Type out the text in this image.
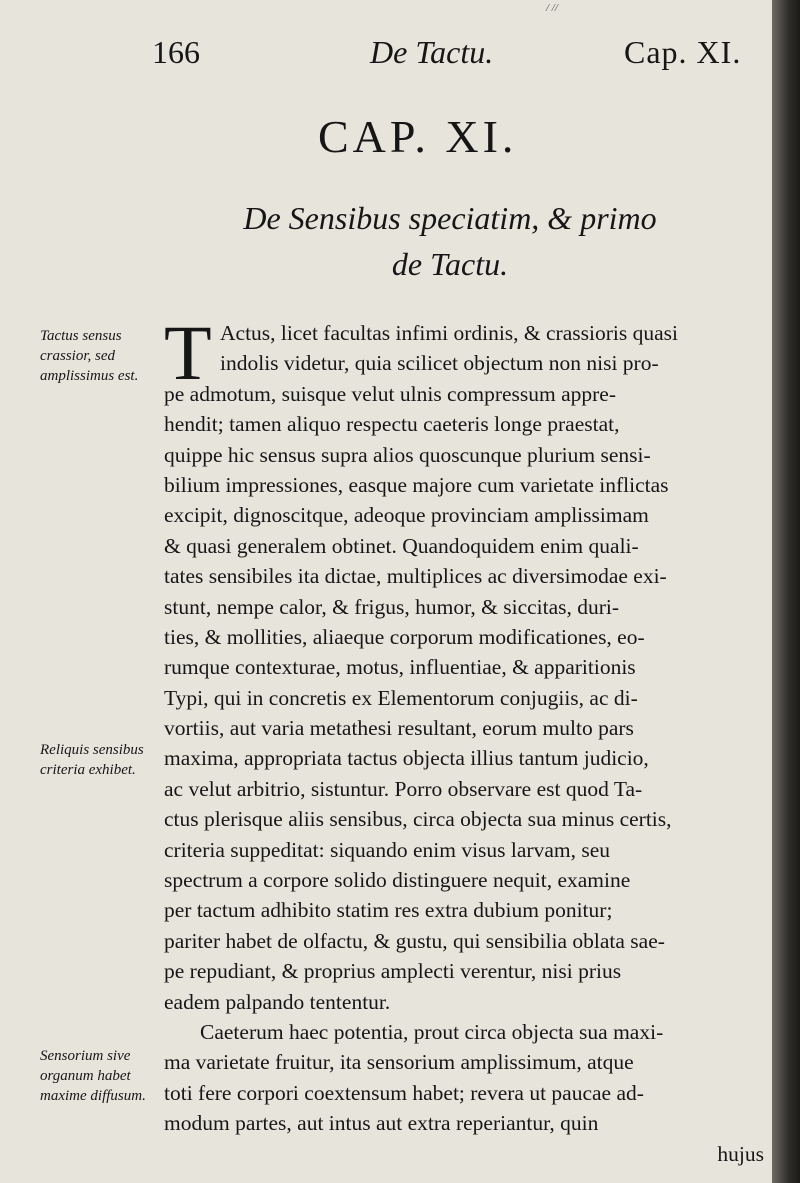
/ //
166	De Tactu.	Cap. XI.
CAP. XI.
De Sensibus speciatim, & primo
de Tactu.
Tactus sensus crassior, sed amplissimus est.
Reliquis sensibus criteria exhibet.
Sensorium sive organum habet maxime diffusum.
T Actus, licet facultas infimi ordinis, & crassioris quasi
indolis videtur, quia scilicet objectum non nisi pro-
pe admotum, suisque velut ulnis compressum appre-
hendit; tamen aliquo respectu caeteris longe praestat,
quippe hic sensus supra alios quoscunque plurium sensi-
bilium impressiones, easque majore cum varietate inflictas
excipit, dignoscitque, adeoque provinciam amplissimam
& quasi generalem obtinet. Quandoquidem enim quali-
tates sensibiles ita dictae, multiplices ac diversimodae exi-
stunt, nempe calor, & frigus, humor, & siccitas, duri-
ties, & mollities, aliaeque corporum modificationes, eo-
rumque contexturae, motus, influentiae, & apparitionis
Typi, qui in concretis ex Elementorum conjugiis, ac di-
vortiis, aut varia metathesi resultant, eorum multo pars
maxima, appropriata tactus objecta illius tantum judicio,
ac velut arbitrio, sistuntur. Porro observare est quod Ta-
ctus plerisque aliis sensibus, circa objecta sua minus certis,
criteria suppeditat: siquando enim visus larvam, seu
spectrum a corpore solido distinguere nequit, examine
per tactum adhibito statim res extra dubium ponitur;
pariter habet de olfactu, & gustu, qui sensibilia oblata sae-
pe repudiant, & proprius amplecti verentur, nisi prius
eadem palpando tententur.
Caeterum haec potentia, prout circa objecta sua maxi-
ma varietate fruitur, ita sensorium amplissimum, atque
toti fere corpori coextensum habet; revera ut paucae ad-
modum partes, aut intus aut extra reperiantur, quin
hujus
